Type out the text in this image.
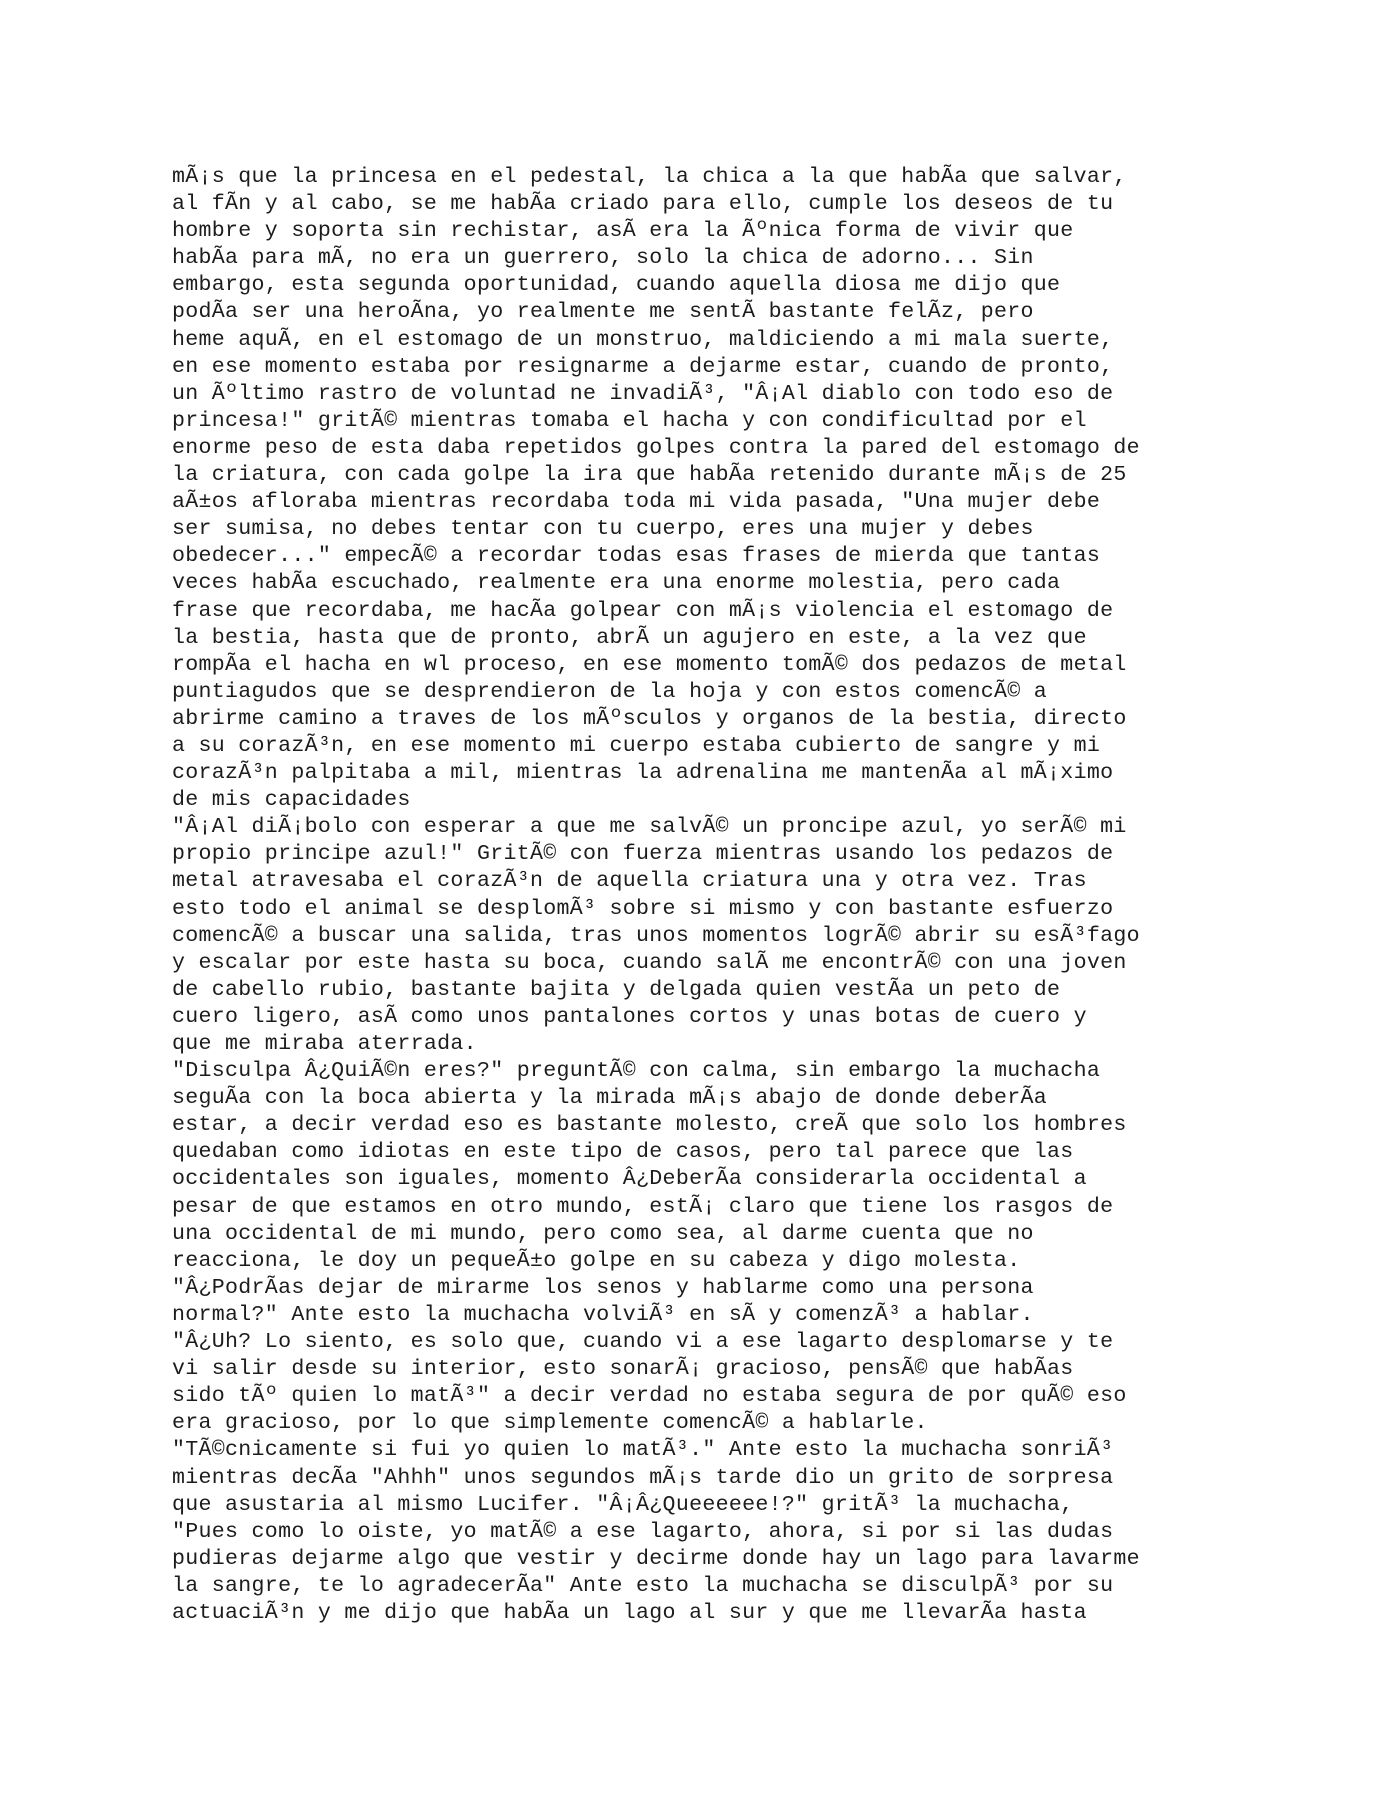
mÃ¡s que la princesa en el pedestal, la chica a la que habÃa que salvar,
al fÃn y al cabo, se me habÃa criado para ello, cumple los deseos de tu
hombre y soporta sin rechistar, asÃ era la Ãºnica forma de vivir que
habÃa para mÃ, no era un guerrero, solo la chica de adorno... Sin
embargo, esta segunda oportunidad, cuando aquella diosa me dijo que
podÃa ser una heroÃna, yo realmente me sentÃ bastante felÃz, pero
heme aquÃ, en el estomago de un monstruo, maldiciendo a mi mala suerte,
en ese momento estaba por resignarme a dejarme estar, cuando de pronto,
un Ãºltimo rastro de voluntad ne invadiÃ³, "Â¡Al diablo con todo eso de
princesa!" gritÃ© mientras tomaba el hacha y con condificultad por el
enorme peso de esta daba repetidos golpes contra la pared del estomago de
la criatura, con cada golpe la ira que habÃa retenido durante mÃ¡s de 25
aÃ±os afloraba mientras recordaba toda mi vida pasada, "Una mujer debe
ser sumisa, no debes tentar con tu cuerpo, eres una mujer y debes
obedecer..." empecÃ© a recordar todas esas frases de mierda que tantas
veces habÃa escuchado, realmente era una enorme molestia, pero cada
frase que recordaba, me hacÃa golpear con mÃ¡s violencia el estomago de
la bestia, hasta que de pronto, abrÃ un agujero en este, a la vez que
rompÃa el hacha en wl proceso, en ese momento tomÃ© dos pedazos de metal
puntiagudos que se desprendieron de la hoja y con estos comencÃ© a
abrirme camino a traves de los mÃºsculos y organos de la bestia, directo
a su corazÃ³n, en ese momento mi cuerpo estaba cubierto de sangre y mi
corazÃ³n palpitaba a mil, mientras la adrenalina me mantenÃa al mÃ¡ximo
de mis capacidades
"Â¡Al diÃ¡bolo con esperar a que me salvÃ© un proncipe azul, yo serÃ© mi
propio principe azul!" GritÃ© con fuerza mientras usando los pedazos de
metal atravesaba el corazÃ³n de aquella criatura una y otra vez. Tras
esto todo el animal se desplomÃ³ sobre si mismo y con bastante esfuerzo
comencÃ© a buscar una salida, tras unos momentos logrÃ© abrir su esÃ³fago
y escalar por este hasta su boca, cuando salÃ me encontrÃ© con una joven
de cabello rubio, bastante bajita y delgada quien vestÃa un peto de
cuero ligero, asÃ como unos pantalones cortos y unas botas de cuero y
que me miraba aterrada.
"Disculpa Â¿QuiÃ©n eres?" preguntÃ© con calma, sin embargo la muchacha
seguÃa con la boca abierta y la mirada mÃ¡s abajo de donde deberÃa
estar, a decir verdad eso es bastante molesto, creÃ que solo los hombres
quedaban como idiotas en este tipo de casos, pero tal parece que las
occidentales son iguales, momento Â¿DeberÃa considerarla occidental a
pesar de que estamos en otro mundo, estÃ¡ claro que tiene los rasgos de
una occidental de mi mundo, pero como sea, al darme cuenta que no
reacciona, le doy un pequeÃ±o golpe en su cabeza y digo molesta.
"Â¿PodrÃas dejar de mirarme los senos y hablarme como una persona
normal?" Ante esto la muchacha volviÃ³ en sÃ y comenzÃ³ a hablar.
"Â¿Uh? Lo siento, es solo que, cuando vi a ese lagarto desplomarse y te
vi salir desde su interior, esto sonarÃ¡ gracioso, pensÃ© que habÃas
sido tÃº quien lo matÃ³" a decir verdad no estaba segura de por quÃ© eso
era gracioso, por lo que simplemente comencÃ© a hablarle.
"TÃ©cnicamente si fui yo quien lo matÃ³." Ante esto la muchacha sonriÃ³
mientras decÃa "Ahhh" unos segundos mÃ¡s tarde dio un grito de sorpresa
que asustaria al mismo Lucifer. "Â¡Â¿Queeeeee!?" gritÃ³ la muchacha,
"Pues como lo oiste, yo matÃ© a ese lagarto, ahora, si por si las dudas
pudieras dejarme algo que vestir y decirme donde hay un lago para lavarme
la sangre, te lo agradecerÃa" Ante esto la muchacha se disculpÃ³ por su
actuaciÃ³n y me dijo que habÃa un lago al sur y que me llevarÃa hasta
